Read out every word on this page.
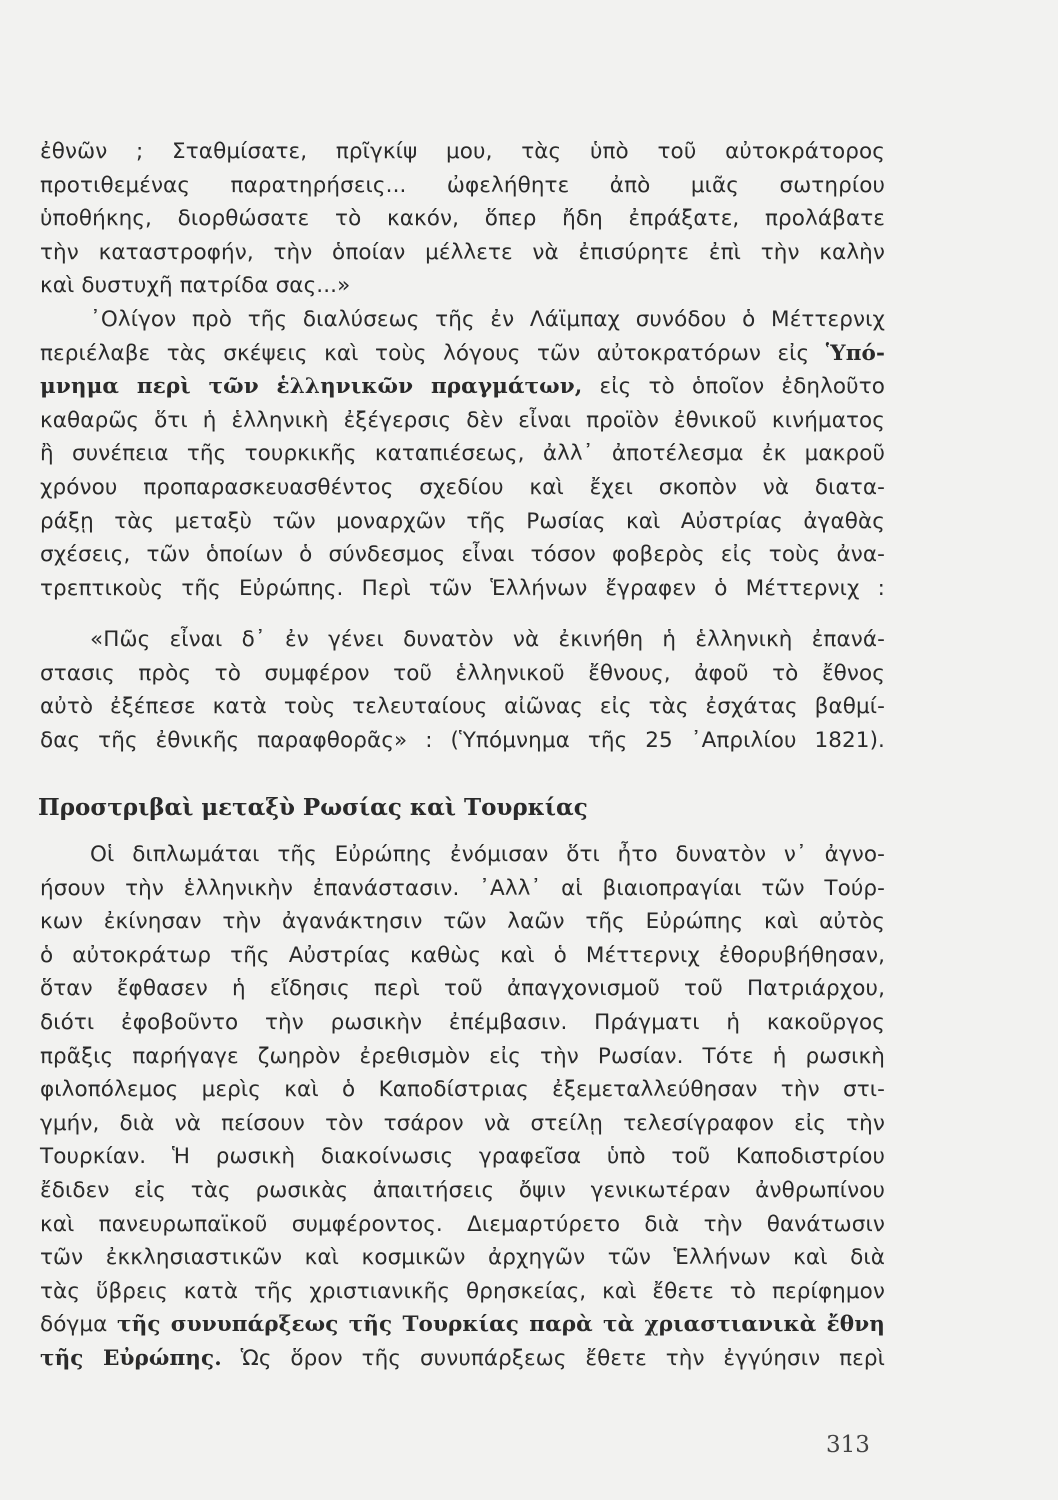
ἐθνῶν ; Σταθμίσατε, πρῖγκίψ μου, τὰς ὑπὸ τοῦ αὐτοκράτορος
προτιθεμένας παρατηρήσεις... ὠφελήθητε ἀπὸ μιᾶς σωτηρίου
ὑποθήκης, διορθώσατε τὸ κακόν, ὅπερ ἤδη ἐπράξατε, προλάβατε
τὴν καταστροφήν, τὴν ὁποίαν μέλλετε νὰ ἐπισύρητε ἐπὶ τὴν καλὴν
καὶ δυστυχῆ πατρίδα σας...»
᾿Ολίγον πρὸ τῆς διαλύσεως τῆς ἐν Λάϊμπαχ συνόδου ὁ Μέττερνιχ
περιέλαβε τὰς σκέψεις καὶ τοὺς λόγους τῶν αὐτοκρατόρων εἰς Ὑπό-
μνημα περὶ τῶν ἑλληνικῶν πραγμάτων, εἰς τὸ ὁποῖον ἐδηλοῦτο
καθαρῶς ὅτι ἡ ἑλληνικὴ ἐξέγερσις δὲν εἶναι προϊὸν ἐθνικοῦ κινήματος
ἢ συνέπεια τῆς τουρκικῆς καταπιέσεως, ἀλλ᾿ ἀποτέλεσμα ἐκ μακροῦ
χρόνου προπαρασκευασθέντος σχεδίου καὶ ἔχει σκοπὸν νὰ διατα-
ράξῃ τὰς μεταξὺ τῶν μοναρχῶν τῆς Ρωσίας καὶ Αὐστρίας ἀγαθὰς
σχέσεις, τῶν ὁποίων ὁ σύνδεσμος εἶναι τόσον φοβερὸς εἰς τοὺς ἀνα-
τρεπτικοὺς τῆς Εὐρώπης. Περὶ τῶν Ἑλλήνων ἔγραφεν ὁ Μέττερνιχ :
«Πῶς εἶναι δ᾿ ἐν γένει δυνατὸν νὰ ἐκινήθη ἡ ἑλληνικὴ ἐπανά-
στασις πρὸς τὸ συμφέρον τοῦ ἑλληνικοῦ ἔθνους, ἀφοῦ τὸ ἔθνος
αὐτὸ ἐξέπεσε κατὰ τοὺς τελευταίους αἰῶνας εἰς τὰς ἐσχάτας βαθμί-
δας τῆς ἐθνικῆς παραφθορᾶς» : (Ὑπόμνημα τῆς 25 ᾿Απριλίου 1821).
Προστριβαὶ μεταξὺ Ρωσίας καὶ Τουρκίας
Οἱ διπλωμάται τῆς Εὐρώπης ἐνόμισαν ὅτι ἦτο δυνατὸν ν᾿ ἀγνο-
ήσουν τὴν ἑλληνικὴν ἐπανάστασιν. ᾿Αλλ᾿ αἱ βιαιοπραγίαι τῶν Τούρ-
κων ἐκίνησαν τὴν ἀγανάκτησιν τῶν λαῶν τῆς Εὐρώπης καὶ αὐτὸς
ὁ αὐτοκράτωρ τῆς Αὐστρίας καθὼς καὶ ὁ Μέττερνιχ ἐθορυβήθησαν,
ὅταν ἔφθασεν ἡ εἴδησις περὶ τοῦ ἀπαγχονισμοῦ τοῦ Πατριάρχου,
διότι ἐφοβοῦντο τὴν ρωσικὴν ἐπέμβασιν. Πράγματι ἡ κακοῦργος
πρᾶξις παρήγαγε ζωηρὸν ἐρεθισμὸν εἰς τὴν Ρωσίαν. Τότε ἡ ρωσικὴ
φιλοπόλεμος μερὶς καὶ ὁ Καποδίστριας ἐξεμεταλλεύθησαν τὴν στι-
γμήν, διὰ νὰ πείσουν τὸν τσάρον νὰ στείλῃ τελεσίγραφον εἰς τὴν
Τουρκίαν. Ἡ ρωσικὴ διακοίνωσις γραφεῖσα ὑπὸ τοῦ Καποδιστρίου
ἔδιδεν εἰς τὰς ρωσικὰς ἀπαιτήσεις ὄψιν γενικωτέραν ἀνθρωπίνου
καὶ πανευρωπαϊκοῦ συμφέροντος. Διεμαρτύρετο διὰ τὴν θανάτωσιν
τῶν ἐκκλησιαστικῶν καὶ κοσμικῶν ἀρχηγῶν τῶν Ἑλλήνων καὶ διὰ
τὰς ὕβρεις κατὰ τῆς χριστιανικῆς θρησκείας, καὶ ἔθετε τὸ περίφημον
δόγμα τῆς συνυπάρξεως τῆς Τουρκίας παρὰ τὰ χριαστιανικὰ ἔθνη
τῆς Εὐρώπης. Ὡς ὅρον τῆς συνυπάρξεως ἔθετε τὴν ἐγγύησιν περὶ
313
